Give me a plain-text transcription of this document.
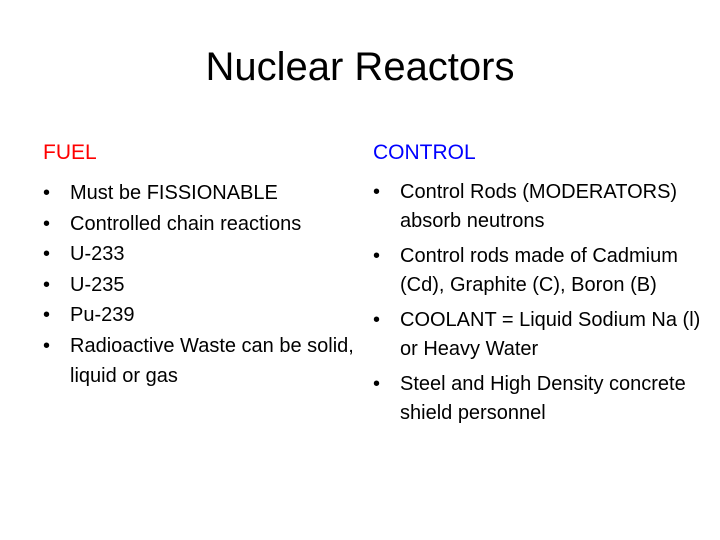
Nuclear Reactors
FUEL
• Must be FISSIONABLE
• Controlled chain reactions
• U-233
• U-235
• Pu-239
• Radioactive Waste can be solid, liquid or gas
CONTROL
• Control Rods (MODERATORS) absorb neutrons
• Control rods made of Cadmium (Cd), Graphite (C), Boron (B)
• COOLANT = Liquid Sodium Na (l) or Heavy Water
• Steel and High Density concrete shield personnel
